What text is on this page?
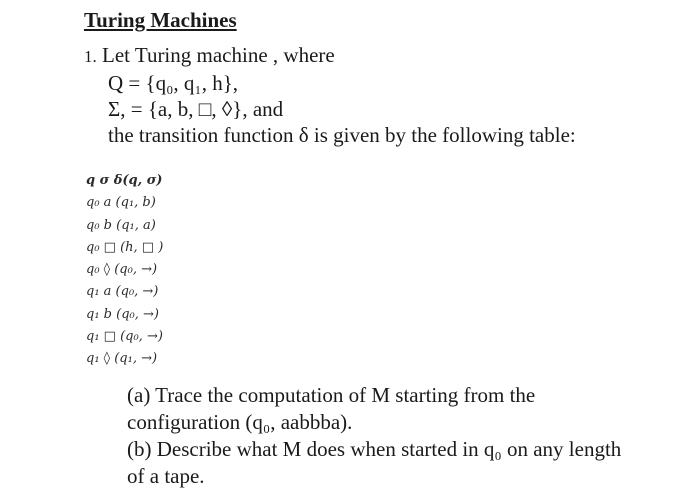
Turing Machines
1. Let Turing machine , where
Q = {q₀, q₁, h},
Σ, = {a, b, □, ◊}, and
the transition function δ is given by the following table:
q σ δ(q, σ)
q₀ a (q₁, b)
q₀ b (q₁, a)
q₀ □ (h, □ )
q₀ ◊ (q₀, →)
q₁ a (q₀, →)
q₁ b (q₀, →)
q₁ □ (q₀, →)
q₁ ◊ (q₁, →)
(a) Trace the computation of M starting from the
configuration (q₀, aabbba).
(b) Describe what M does when started in q₀ on any length
of a tape.
